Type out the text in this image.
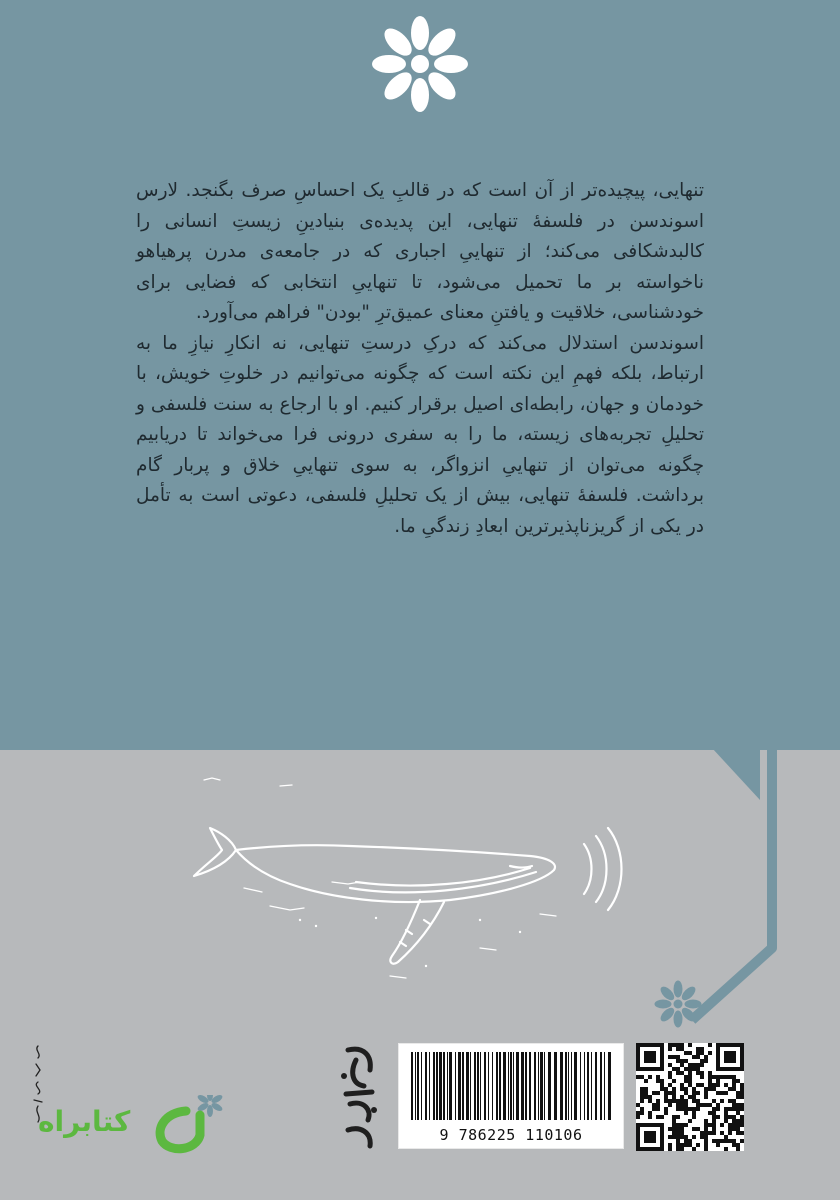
تنهایی، پیچیده‌تر از آن است که در قالبِ یک احساسِ صرف بگنجد. لارس اسوندسن در فلسفهٔ تنهایی، این پدیده‌ی بنیادینِ زیستِ انسانی را کالبدشکافی می‌کند؛ از تنهاییِ اجباری که در جامعه‌ی مدرن پرهیاهو ناخواسته بر ما تحمیل می‌شود، تا تنهاییِ انتخابی که فضایی برای خودشناسی، خلاقیت و یافتنِ معنای عمیق‌ترِ "بودن" فراهم می‌آورد.

اسوندسن استدلال می‌کند که درکِ درستِ تنهایی، نه انکارِ نیازِ ما به ارتباط، بلکه فهمِ این نکته است که چگونه می‌توانیم در خلوتِ خویش، با خودمان و جهان، رابطه‌ای اصیل برقرار کنیم. او با ارجاع به سنت فلسفی و تحلیلِ تجربه‌های زیسته، ما را به سفری درونی فرا می‌خواند تا دریابیم چگونه می‌توان از تنهاییِ انزواگر، به سوی تنهاییِ خلاق و پربار گام برداشت. فلسفهٔ تنهایی، بیش از یک تحلیلِ فلسفی، دعوتی است به تأمل در یکی از گریزناپذیرترین ابعادِ زندگیِ ما.

9 786225 110106
کتابراه
